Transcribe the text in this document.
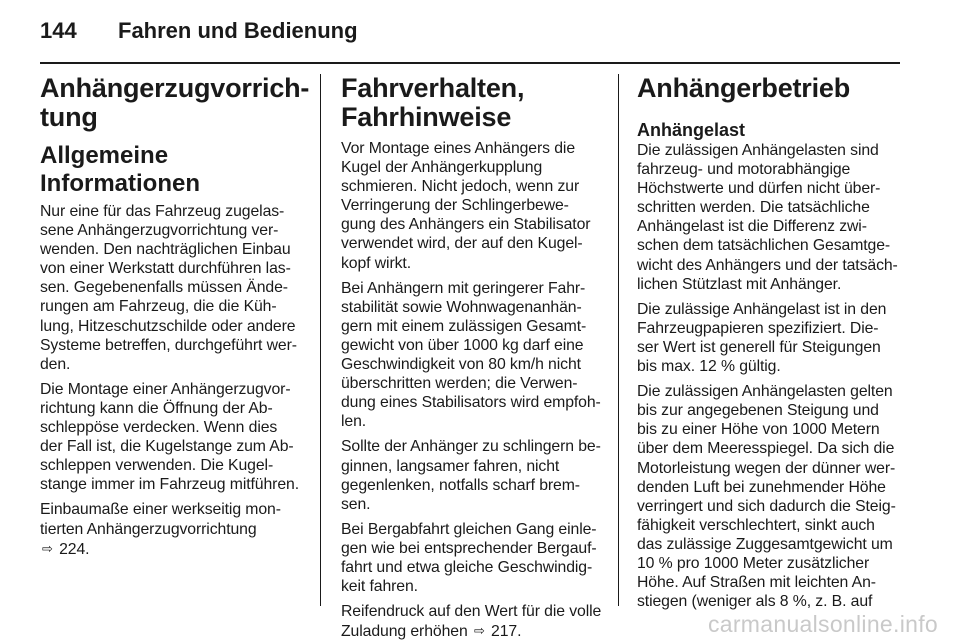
144	Fahren und Bedienung
Anhängerzugvorrich-
tung
Allgemeine Informationen
Nur eine für das Fahrzeug zugelas-
sene Anhängerzugvorrichtung ver-
wenden. Den nachträglichen Einbau
von einer Werkstatt durchführen las-
sen. Gegebenenfalls müssen Ände-
rungen am Fahrzeug, die die Küh-
lung, Hitzeschutzschilde oder andere
Systeme betreffen, durchgeführt wer-
den.
Die Montage einer Anhängerzugvor-
richtung kann die Öffnung der Ab-
schleppöse verdecken. Wenn dies
der Fall ist, die Kugelstange zum Ab-
schleppen verwenden. Die Kugel-
stange immer im Fahrzeug mitführen.
Einbaumaße einer werkseitig mon-
tierten Anhängerzugvorrichtung
⇨ 224.
Fahrverhalten,
Fahrhinweise
Vor Montage eines Anhängers die
Kugel der Anhängerkupplung
schmieren. Nicht jedoch, wenn zur
Verringerung der Schlingerbewe-
gung des Anhängers ein Stabilisator
verwendet wird, der auf den Kugel-
kopf wirkt.
Bei Anhängern mit geringerer Fahr-
stabilität sowie Wohnwagenanhän-
gern mit einem zulässigen Gesamt-
gewicht von über 1000 kg darf eine
Geschwindigkeit von 80 km/h nicht
überschritten werden; die Verwen-
dung eines Stabilisators wird empfoh-
len.
Sollte der Anhänger zu schlingern be-
ginnen, langsamer fahren, nicht
gegenlenken, notfalls scharf brem-
sen.
Bei Bergabfahrt gleichen Gang einle-
gen wie bei entsprechender Bergauf-
fahrt und etwa gleiche Geschwindig-
keit fahren.
Reifendruck auf den Wert für die volle
Zuladung erhöhen ⇨ 217.
Anhängerbetrieb
Anhängelast
Die zulässigen Anhängelasten sind
fahrzeug- und motorabhängige
Höchstwerte und dürfen nicht über-
schritten werden. Die tatsächliche
Anhängelast ist die Differenz zwi-
schen dem tatsächlichen Gesamtge-
wicht des Anhängers und der tatsäch-
lichen Stützlast mit Anhänger.
Die zulässige Anhängelast ist in den
Fahrzeugpapieren spezifiziert. Die-
ser Wert ist generell für Steigungen
bis max. 12 % gültig.
Die zulässigen Anhängelasten gelten
bis zur angegebenen Steigung und
bis zu einer Höhe von 1000 Metern
über dem Meeresspiegel. Da sich die
Motorleistung wegen der dünner wer-
denden Luft bei zunehmender Höhe
verringert und sich dadurch die Steig-
fähigkeit verschlechtert, sinkt auch
das zulässige Zuggesamtgewicht um
10 % pro 1000 Meter zusätzlicher
Höhe. Auf Straßen mit leichten An-
stiegen (weniger als 8 %, z. B. auf
carmanualsonline.info
